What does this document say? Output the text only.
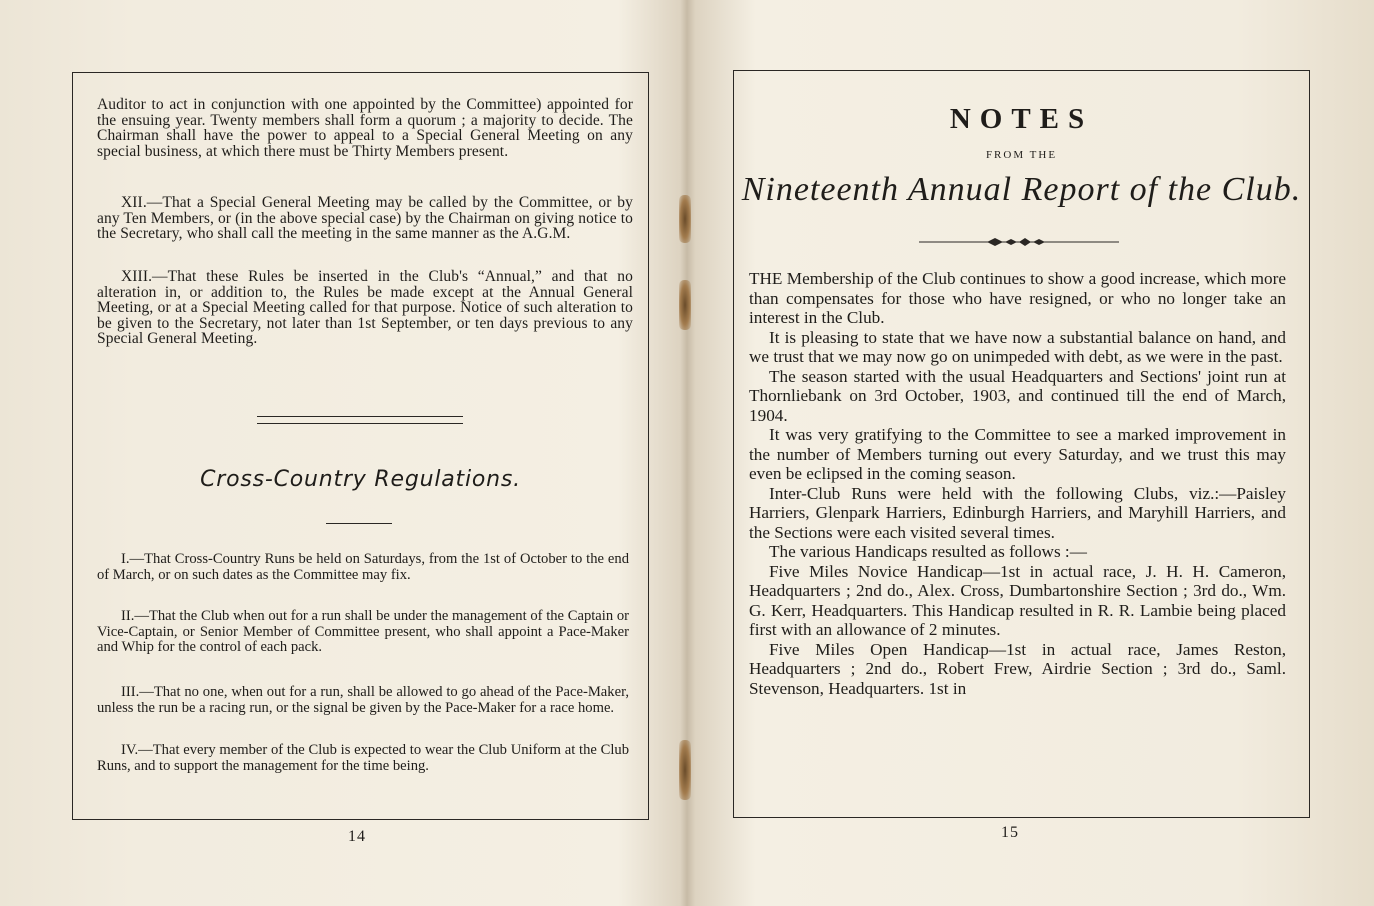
Auditor to act in conjunction with one appointed by the Committee) appointed for the ensuing year. Twenty members shall form a quorum ; a majority to decide. The Chairman shall have the power to appeal to a Special General Meeting on any special business, at which there must be Thirty Members present.

XII.—That a Special General Meeting may be called by the Committee, or by any Ten Members, or (in the above special case) by the Chairman on giving notice to the Secretary, who shall call the meeting in the same manner as the A.G.M.

XIII.—That these Rules be inserted in the Club's “Annual,” and that no alteration in, or addition to, the Rules be made except at the Annual General Meeting, or at a Special Meeting called for that purpose. Notice of such alteration to be given to the Secretary, not later than 1st September, or ten days previous to any Special General Meeting.

Cross-Country Regulations.

I.—That Cross-Country Runs be held on Saturdays, from the 1st of October to the end of March, or on such dates as the Committee may fix.

II.—That the Club when out for a run shall be under the management of the Captain or Vice-Captain, or Senior Member of Committee present, who shall appoint a Pace-Maker and Whip for the control of each pack.

III.—That no one, when out for a run, shall be allowed to go ahead of the Pace-Maker, unless the run be a racing run, or the signal be given by the Pace-Maker for a race home.

IV.—That every member of the Club is expected to wear the Club Uniform at the Club Runs, and to support the management for the time being.

14
NOTES
FROM THE
Nineteenth Annual Report of the Club.
THE Membership of the Club continues to show a good increase, which more than compensates for those who have resigned, or who no longer take an interest in the Club.
It is pleasing to state that we have now a substantial balance on hand, and we trust that we may now go on unimpeded with debt, as we were in the past.
The season started with the usual Headquarters and Sections' joint run at Thornliebank on 3rd October, 1903, and continued till the end of March, 1904.
It was very gratifying to the Committee to see a marked improvement in the number of Members turning out every Saturday, and we trust this may even be eclipsed in the coming season.
Inter-Club Runs were held with the following Clubs, viz.:—Paisley Harriers, Glenpark Harriers, Edinburgh Harriers, and Maryhill Harriers, and the Sections were each visited several times.
The various Handicaps resulted as follows :—
Five Miles Novice Handicap—1st in actual race, J. H. H. Cameron, Headquarters ; 2nd do., Alex. Cross, Dumbartonshire Section ; 3rd do., Wm. G. Kerr, Headquarters. This Handicap resulted in R. R. Lambie being placed first with an allowance of 2 minutes.
Five Miles Open Handicap—1st in actual race, James Reston, Headquarters ; 2nd do., Robert Frew, Airdrie Section ; 3rd do., Saml. Stevenson, Headquarters. 1st in
15
